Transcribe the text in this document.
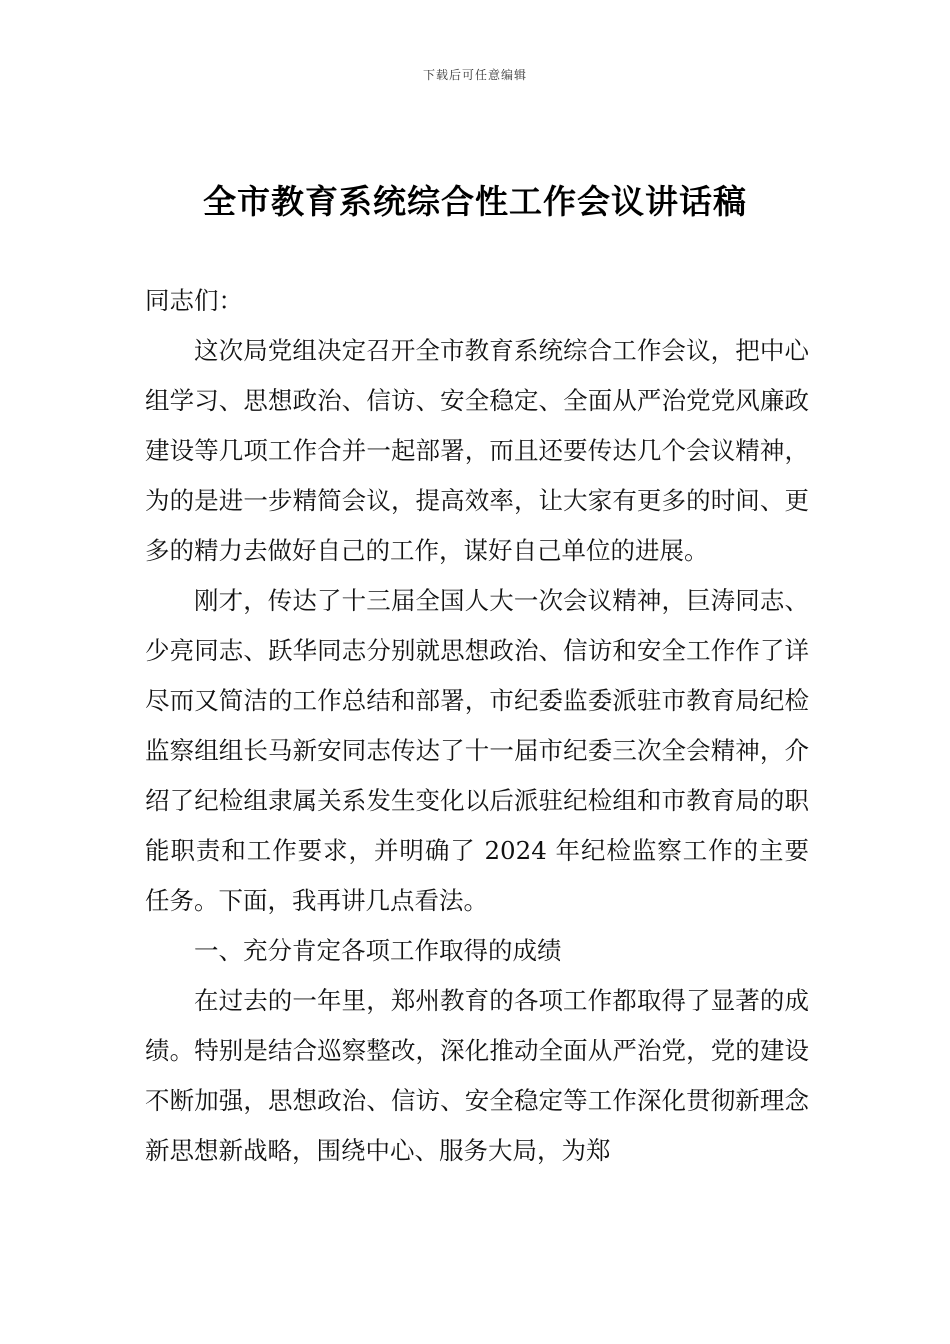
下载后可任意编辑
全市教育系统综合性工作会议讲话稿

同志们：

这次局党组决定召开全市教育系统综合工作会议，把中心组学习、思想政治、信访、安全稳定、全面从严治党党风廉政建设等几项工作合并一起部署，而且还要传达几个会议精神，为的是进一步精简会议，提高效率，让大家有更多的时间、更多的精力去做好自己的工作，谋好自己单位的进展。

刚才，传达了十三届全国人大一次会议精神，巨涛同志、少亮同志、跃华同志分别就思想政治、信访和安全工作作了详尽而又简洁的工作总结和部署，市纪委监委派驻市教育局纪检监察组组长马新安同志传达了十一届市纪委三次全会精神，介绍了纪检组隶属关系发生变化以后派驻纪检组和市教育局的职能职责和工作要求，并明确了 2024 年纪检监察工作的主要任务。下面，我再讲几点看法。

一、充分肯定各项工作取得的成绩

在过去的一年里，郑州教育的各项工作都取得了显著的成绩。特别是结合巡察整改，深化推动全面从严治党，党的建设不断加强，思想政治、信访、安全稳定等工作深化贯彻新理念新思想新战略，围绕中心、服务大局，为郑
